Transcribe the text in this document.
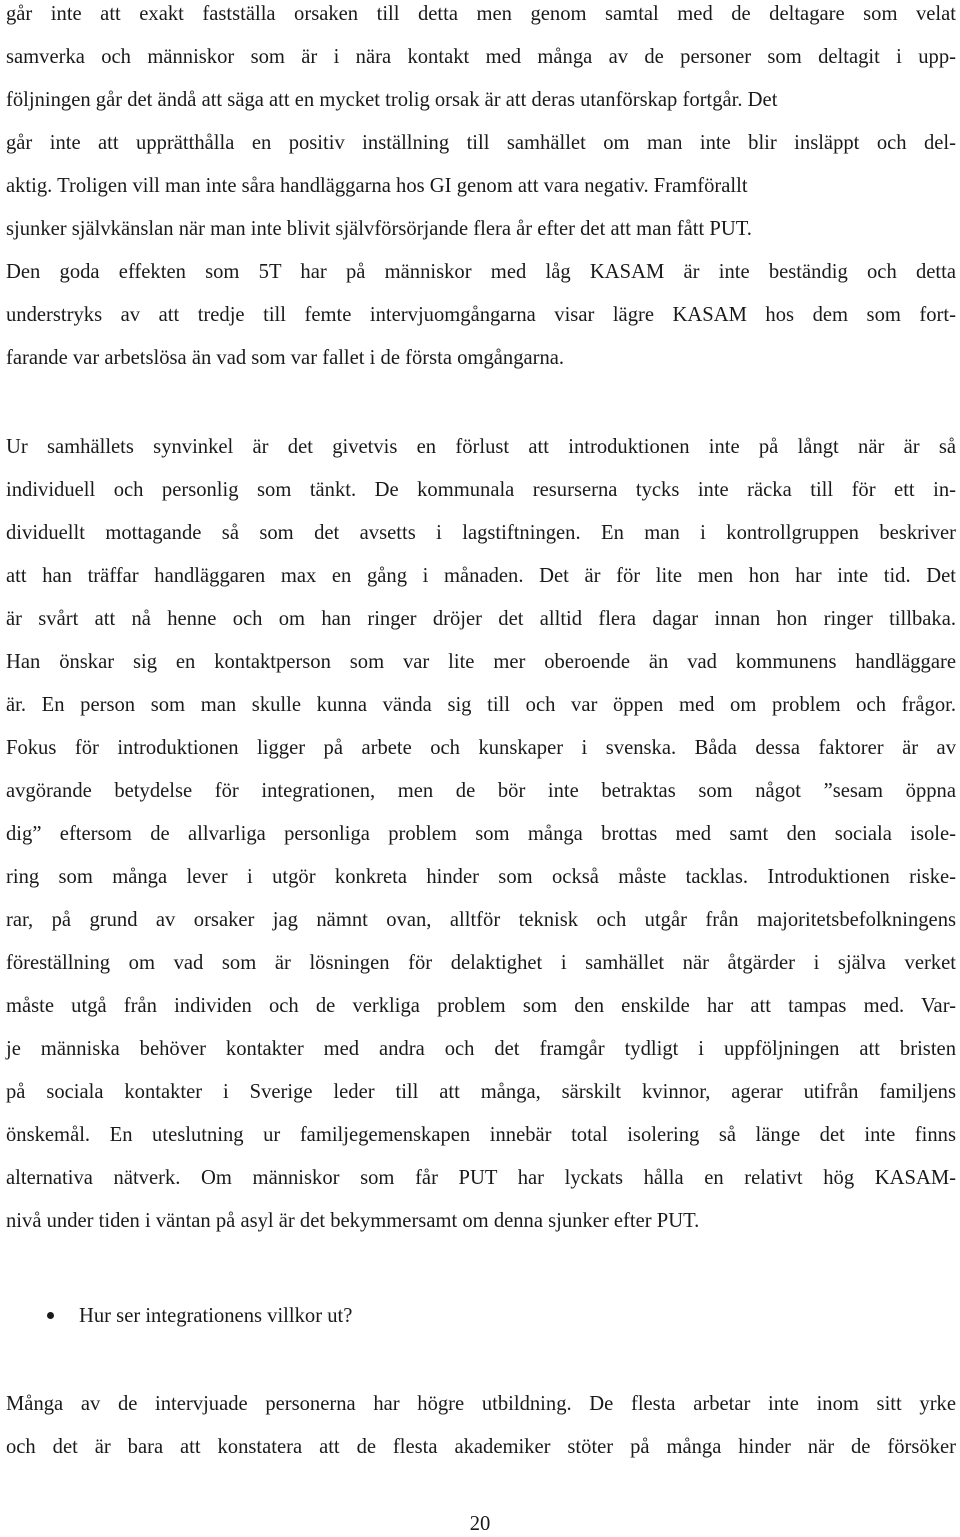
går inte att exakt fastställa orsaken till detta men genom samtal med de deltagare som velat
samverka och människor som är i nära kontakt med många av de personer som deltagit i upp-
följningen går det ändå att säga att en mycket trolig orsak är att deras utanförskap fortgår. Det
går inte att upprätthålla en positiv inställning till samhället om man inte blir insläppt och del-
aktig. Troligen vill man inte såra handläggarna hos GI genom att vara negativ. Framförallt
sjunker självkänslan när man inte blivit självförsörjande flera år efter det att man fått PUT.
Den goda effekten som 5T har på människor med låg KASAM är inte beständig och detta
understryks av att tredje till femte intervjuomgångarna visar lägre KASAM hos dem som fort-
farande var arbetslösa än vad som var fallet i de första omgångarna.
Ur samhällets synvinkel är det givetvis en förlust att introduktionen inte på långt när är så
individuell och personlig som tänkt. De kommunala resurserna tycks inte räcka till för ett in-
dividuellt mottagande så som det avsetts i lagstiftningen. En man i kontrollgruppen beskriver
att han träffar handläggaren max en gång i månaden. Det är för lite men hon har inte tid. Det
är svårt att nå henne och om han ringer dröjer det alltid flera dagar innan hon ringer tillbaka.
Han önskar sig en kontaktperson som var lite mer oberoende än vad kommunens handläggare
är. En person som man skulle kunna vända sig till och var öppen med om problem och frågor.
Fokus för introduktionen ligger på arbete och kunskaper i svenska. Båda dessa faktorer är av
avgörande betydelse för integrationen, men de bör inte betraktas som något ”sesam öppna
dig” eftersom de allvarliga personliga problem som många brottas med samt den sociala isole-
ring som många lever i utgör konkreta hinder som också måste tacklas. Introduktionen riske-
rar, på grund av orsaker jag nämnt ovan, alltför teknisk och utgår från majoritetsbefolkningens
föreställning om vad som är lösningen för delaktighet i samhället när åtgärder i själva verket
måste utgå från individen och de verkliga problem som den enskilde har att tampas med. Var-
je människa behöver kontakter med andra och det framgår tydligt i uppföljningen att bristen
på sociala kontakter i Sverige leder till att många, särskilt kvinnor, agerar utifrån familjens
önskemål. En uteslutning ur familjegemenskapen innebär total isolering så länge det inte finns
alternativa nätverk. Om människor som får PUT har lyckats hålla en relativt hög KASAM-
nivå under tiden i väntan på asyl är det bekymmersamt om denna sjunker efter PUT.
Hur ser integrationens villkor ut?
Många av de intervjuade personerna har högre utbildning. De flesta arbetar inte inom sitt yrke
och det är bara att konstatera att de flesta akademiker stöter på många hinder när de försöker
20
